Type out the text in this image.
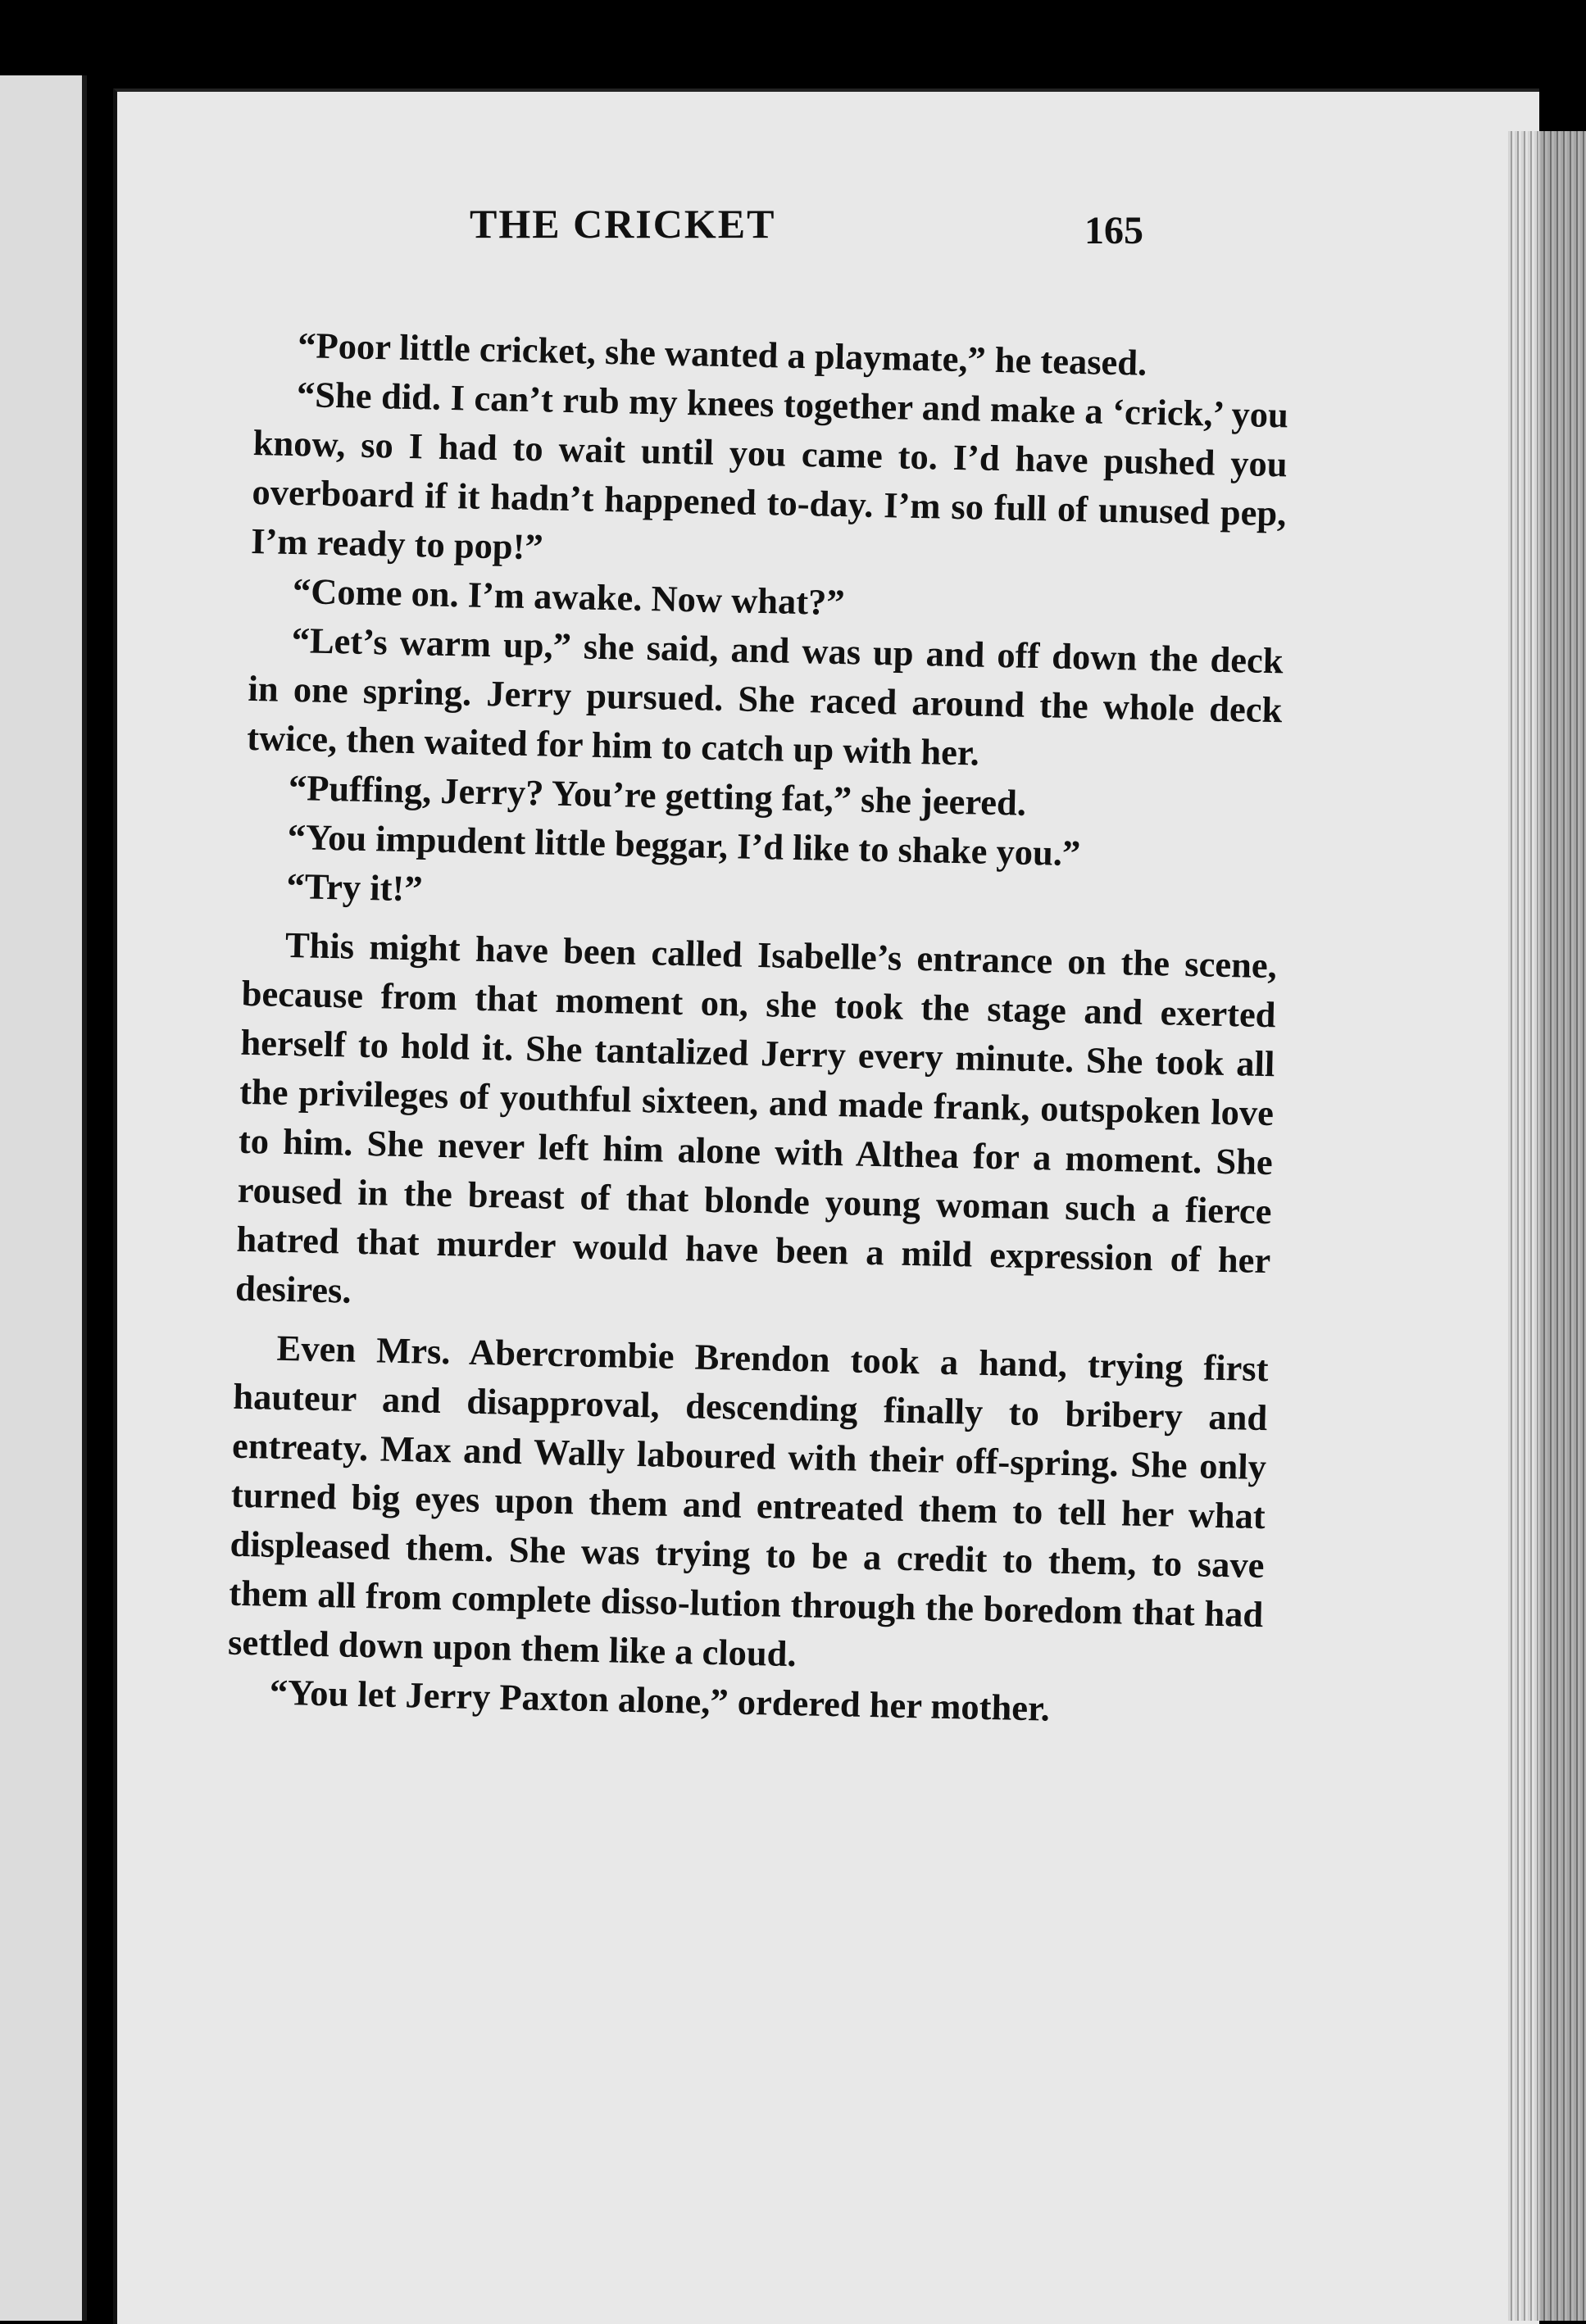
THE CRICKET	165

“Poor little cricket, she wanted a playmate,” he teased.

“She did. I can’t rub my knees together and make a ‘crick,’ you know, so I had to wait until you came to. I’d have pushed you overboard if it hadn’t happened to-day. I’m so full of unused pep, I’m ready to pop!”

“Come on. I’m awake. Now what?”

“Let’s warm up,” she said, and was up and off down the deck in one spring. Jerry pursued. She raced around the whole deck twice, then waited for him to catch up with her.

“Puffing, Jerry? You’re getting fat,” she jeered.

“You impudent little beggar, I’d like to shake you.”

“Try it!”

This might have been called Isabelle’s entrance on the scene, because from that moment on, she took the stage and exerted herself to hold it. She tantalized Jerry every minute. She took all the privileges of youthful sixteen, and made frank, outspoken love to him. She never left him alone with Althea for a moment. She roused in the breast of that blonde young woman such a fierce hatred that murder would have been a mild expression of her desires.

Even Mrs. Abercrombie Brendon took a hand, trying first hauteur and disapproval, descending finally to bribery and entreaty. Max and Wally laboured with their off-spring. She only turned big eyes upon them and entreated them to tell her what displeased them. She was trying to be a credit to them, to save them all from complete disso-lution through the boredom that had settled down upon them like a cloud.

“You let Jerry Paxton alone,” ordered her mother.
